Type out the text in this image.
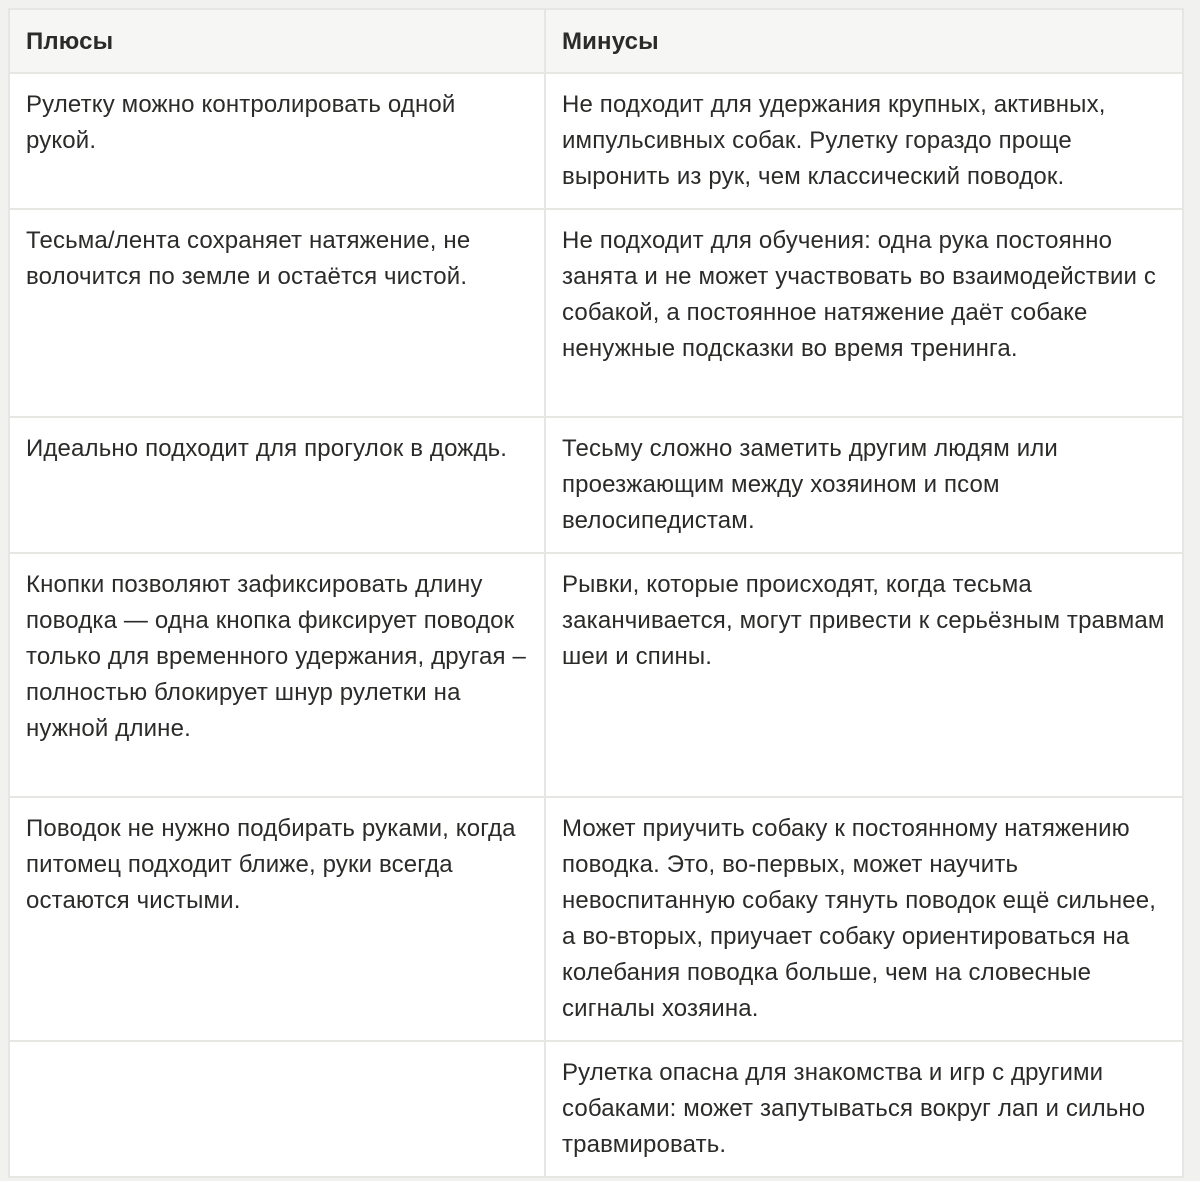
Плюсы	Минусы
Рулетку можно контролировать одной рукой.	Не подходит для удержания крупных, активных, импульсивных собак. Рулетку гораздо проще выронить из рук, чем классический поводок.
Тесьма/лента сохраняет натяжение, не волочится по земле и остаётся чистой.	Не подходит для обучения: одна рука постоянно занята и не может участвовать во взаимодействии с собакой, а постоянное натяжение даёт собаке ненужные подсказки во время тренинга.
Идеально подходит для прогулок в дождь.	Тесьму сложно заметить другим людям или проезжающим между хозяином и псом велосипедистам.
Кнопки позволяют зафиксировать длину поводка — одна кнопка фиксирует поводок только для временного удержания, другая – полностью блокирует шнур рулетки на нужной длине.	Рывки, которые происходят, когда тесьма заканчивается, могут привести к серьёзным травмам шеи и спины.
Поводок не нужно подбирать руками, когда питомец подходит ближе, руки всегда остаются чистыми.	Может приучить собаку к постоянному натяжению поводка. Это, во-первых, может научить невоспитанную собаку тянуть поводок ещё сильнее, а во-вторых, приучает собаку ориентироваться на колебания поводка больше, чем на словесные сигналы хозяина.
	Рулетка опасна для знакомства и игр с другими собаками: может запутываться вокруг лап и сильно травмировать.
